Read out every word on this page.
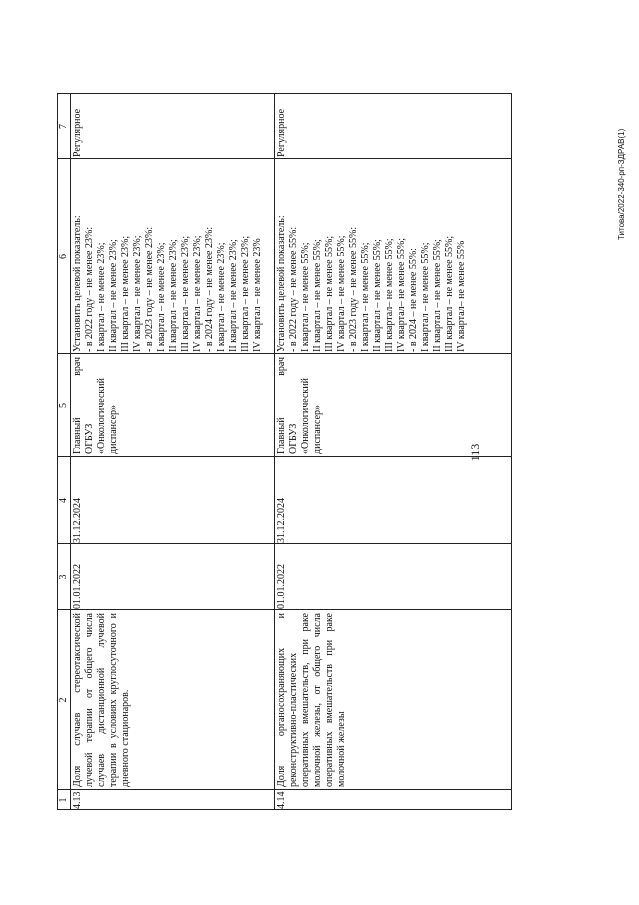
113
Титова/2022-340-рп-ЗДРАВ(1)
1
2
3
4
5
6
7
4.13
Доля случаев стереотаксической лучевой терапии от общего числа случаев дистанционной лучевой терапии в условиях круглосуточного и дневного стационаров.
01.01.2022
31.12.2024
Главный
врач
ОГБУЗ «Онкологический диспансер»
Установить целевой показатель:
- в 2022 году – не менее 23%:
I квартал – не менее 23%;
II квартал – не менее 23%;
III квартал – не менее 23%;
IV квартал – не менее 23%;
- в 2023 году – не менее 23%:
I квартал – не менее 23%;
II квартал – не менее 23%;
III квартал – не менее 23%;
IV квартал – не менее 23%;
- в 2024 году – не менее 23%:
I квартал – не менее 23%;
II квартал – не менее 23%;
III квартал – не менее 23%;
IV квартал – не менее 23%
Регулярное
4.14
Доля органосохраняющих и реконструктивно-пластических оперативных вмешательств, при раке молочной железы, от общего числа оперативных вмешательств при раке молочной железы
01.01.2022
31.12.2024
Главный
врач
ОГБУЗ «Онкологический диспансер»
Установить целевой показатель:
- в 2022 году – не менее 55%:
I квартал – не менее 55%;
II квартал – не менее 55%;
III квартал – не менее 55%;
IV квартал – не менее 55%;
- в 2023 году – не менее 55%:
I квартал – не менее 55%;
II квартал – не менее 55%;
III квартал– не менее 55%;
IV квартал– не менее 55%;
- в 2024 – не менее 55%:
I квартал – не менее 55%;
II квартал – не менее 55%;
III квартал – не менее 55%;
IV квартал– не менее 55%
Регулярное
